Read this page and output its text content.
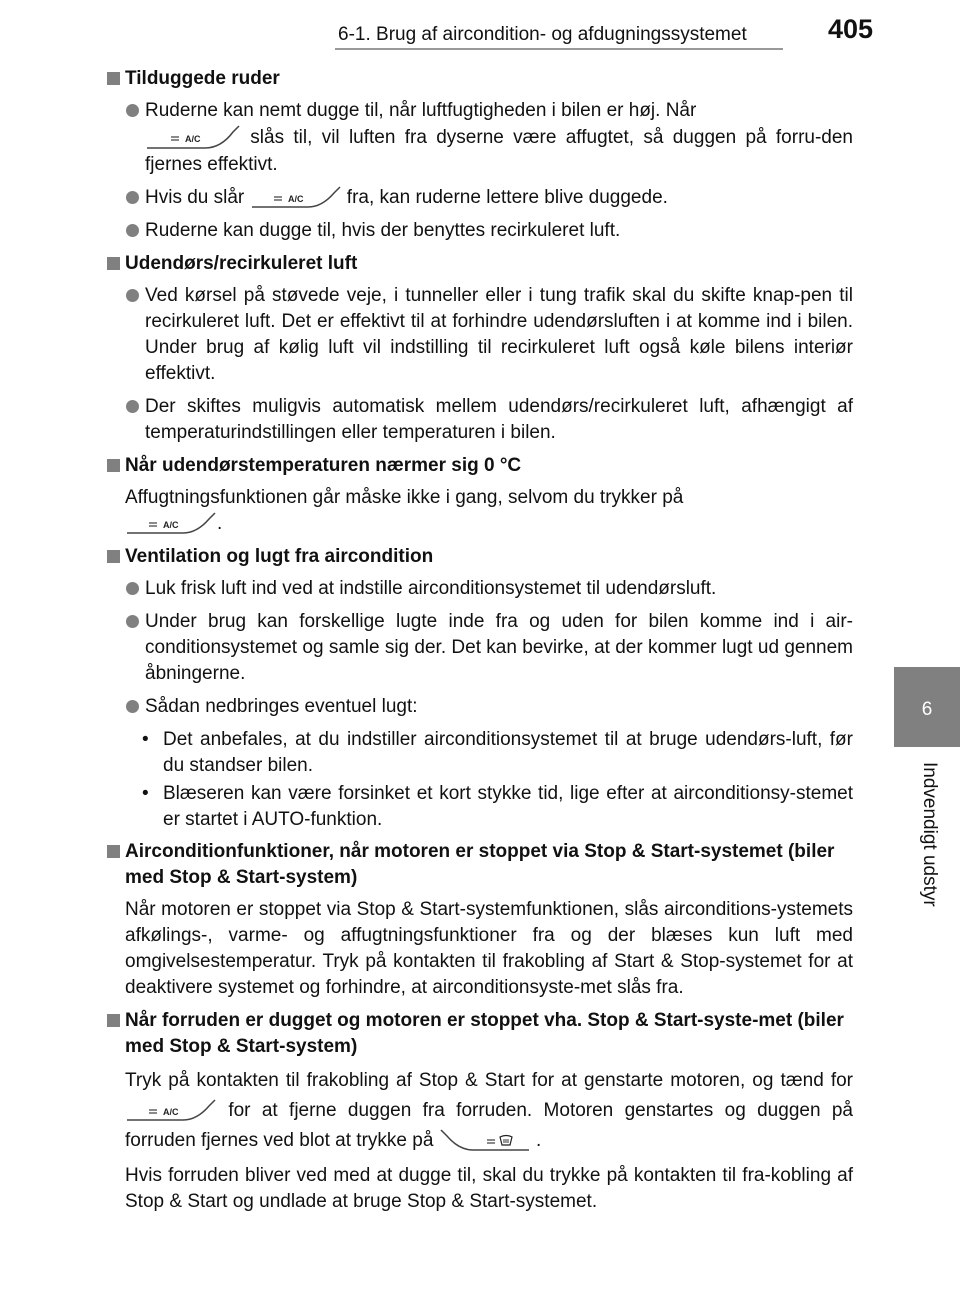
6-1. Brug af aircondition- og afdugningssystemet	405
6
Indvendigt udstyr
Tilduggede ruder
Ruderne kan nemt dugge til, når luftfugtigheden i bilen er høj. Når

A/C slås til, vil luften fra dyserne være affugtet, så duggen på forru-den fjernes effektivt.
Hvis du slår	A/C fra, kan ruderne lettere blive duggede.
Ruderne kan dugge til, hvis der benyttes recirkuleret luft.
Udendørs/recirkuleret luft
Ved kørsel på støvede veje, i tunneller eller i tung trafik skal du skifte knap-pen til recirkuleret luft. Det er effektivt til at forhindre udendørsluften i at komme ind i bilen. Under brug af kølig luft vil indstilling til recirkuleret luft også køle bilens interiør effektivt.
Der skiftes muligvis automatisk mellem udendørs/recirkuleret luft, afhængigt af temperaturindstillingen eller temperaturen i bilen.
Når udendørstemperaturen nærmer sig 0 °C
Affugtningsfunktionen går måske ikke i gang, selvom du trykker på

A/C .
Ventilation og lugt fra aircondition
Luk frisk luft ind ved at indstille airconditionsystemet til udendørsluft.
Under brug kan forskellige lugte inde fra og uden for bilen komme ind i air-conditionsystemet og samle sig der. Det kan bevirke, at der kommer lugt ud gennem åbningerne.
Sådan nedbringes eventuel lugt:
• Det anbefales, at du indstiller airconditionsystemet til at bruge udendørs-luft, før du standser bilen.
• Blæseren kan være forsinket et kort stykke tid, lige efter at airconditionsy-stemet er startet i AUTO-funktion.
Airconditionfunktioner, når motoren er stoppet via Stop & Start-systemet (biler med Stop & Start-system)
Når motoren er stoppet via Stop & Start-systemfunktionen, slås airconditions-ystemets afkølings-, varme- og affugtningsfunktioner fra og der blæses kun luft med omgivelsestemperatur. Tryk på kontakten til frakobling af Start & Stop-systemet for at deaktivere systemet og forhindre, at airconditionsyste-met slås fra.
Når forruden er dugget og motoren er stoppet vha. Stop & Start-syste-met (biler med Stop & Start-system)
Tryk på kontakten til frakobling af Stop & Start for at genstarte motoren, og tænd for
A/C for at fjerne duggen fra forruden. Motoren genstartes og duggen på forruden fjernes ved blot at trykke på	.
Hvis forruden bliver ved med at dugge til, skal du trykke på kontakten til fra-kobling af Stop & Start og undlade at bruge Stop & Start-systemet.
